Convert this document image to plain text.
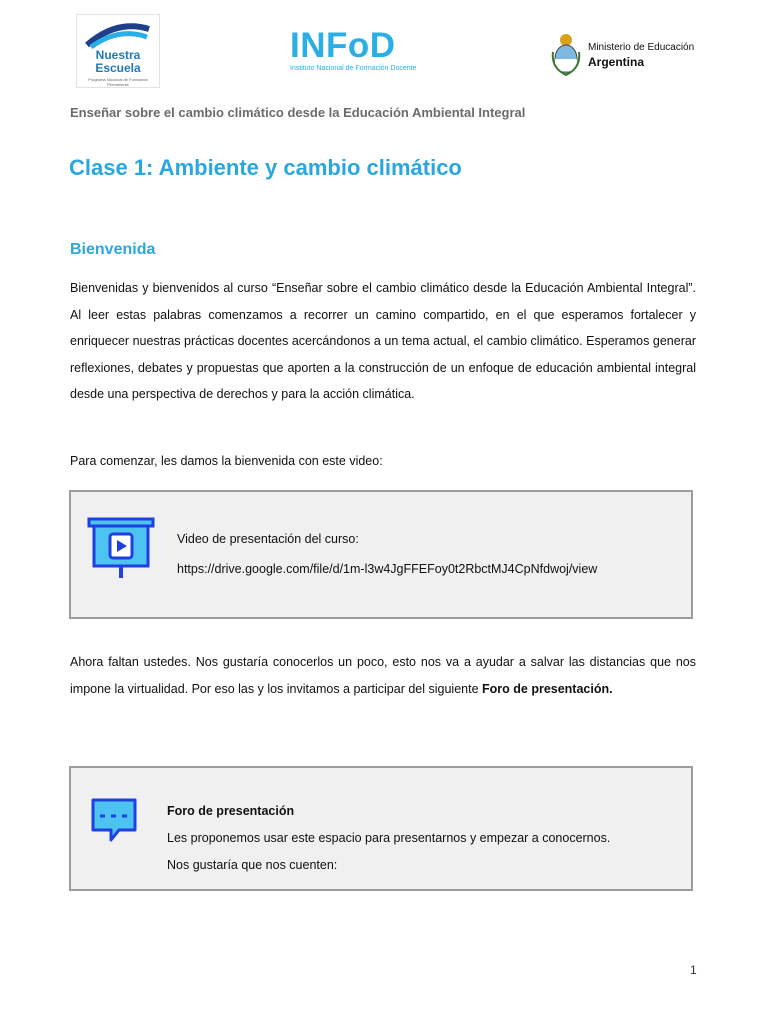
Nuestra
Escuela
Programa Nacional de Formación Permanente
INFoD
Instituto Nacional de Formación Docente
Ministerio de Educación
Argentina
Enseñar sobre el cambio climático desde la Educación Ambiental Integral
Clase 1: Ambiente y cambio climático
Bienvenida
Bienvenidas y bienvenidos al curso “Enseñar sobre el cambio climático desde la Educación Ambiental Integral”. Al leer estas palabras comenzamos a recorrer un camino compartido, en el que esperamos fortalecer y enriquecer nuestras prácticas docentes acercándonos a un tema actual, el cambio climático. Esperamos generar reflexiones, debates y propuestas que aporten a la construcción de un enfoque de educación ambiental integral desde una perspectiva de derechos y para la acción climática.
Para comenzar, les damos la bienvenida con este video:
Video de presentación del curso:
https://drive.google.com/file/d/1m-l3w4JgFFEFoy0t2RbctMJ4CpNfdwoj/view
Ahora faltan ustedes. Nos gustaría conocerlos un poco, esto nos va a ayudar a salvar las distancias que nos impone la virtualidad. Por eso las y los invitamos a participar del siguiente Foro de presentación.
Foro de presentación
Les proponemos usar este espacio para presentarnos y empezar a conocernos.
Nos gustaría que nos cuenten:
1
